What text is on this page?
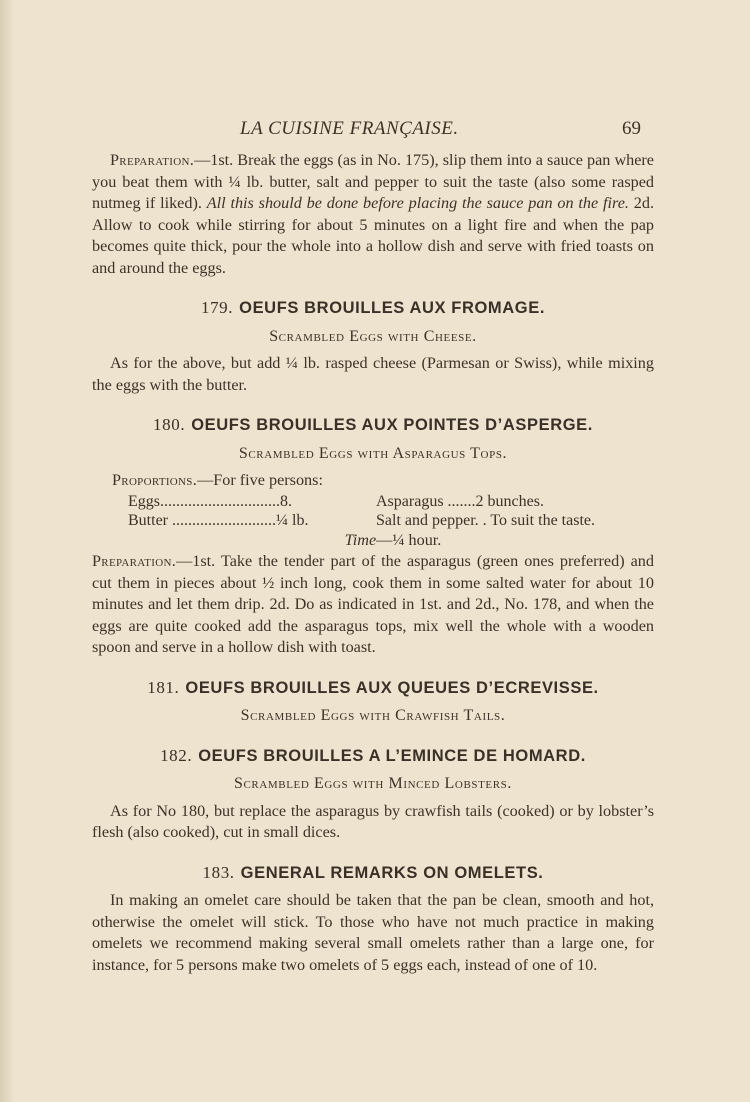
LA CUISINE FRANÇAISE.	69

Preparation.—1st. Break the eggs (as in No. 175), slip them into a sauce pan where you beat them with ¼ lb. butter, salt and pepper to suit the taste (also some rasped nutmeg if liked). All this should be done before placing the sauce pan on the fire. 2d. Allow to cook while stirring for about 5 minutes on a light fire and when the pap becomes quite thick, pour the whole into a hollow dish and serve with fried toasts on and around the eggs.

179. OEUFS BROUILLES AUX FROMAGE.
Scrambled Eggs with Cheese.

As for the above, but add ¼ lb. rasped cheese (Parmesan or Swiss), while mixing the eggs with the butter.

180. OEUFS BROUILLES AUX POINTES D’ASPERGE.
Scrambled Eggs with Asparagus Tops.

Proportions.—For five persons:

Eggs..............................8.	Asparagus .......2 bunches.
Butter ..........................¼ lb.	Salt and pepper. . To suit the taste.

Time—¼ hour.

Preparation.—1st. Take the tender part of the asparagus (green ones preferred) and cut them in pieces about ½ inch long, cook them in some salted water for about 10 minutes and let them drip. 2d. Do as indicated in 1st. and 2d., No. 178, and when the eggs are quite cooked add the asparagus tops, mix well the whole with a wooden spoon and serve in a hollow dish with toast.

181. OEUFS BROUILLES AUX QUEUES D’ECREVISSE.
Scrambled Eggs with Crawfish Tails.
182. OEUFS BROUILLES A L’EMINCE DE HOMARD.
Scrambled Eggs with Minced Lobsters.

As for No 180, but replace the asparagus by crawfish tails (cooked) or by lobster’s flesh (also cooked), cut in small dices.

183. GENERAL REMARKS ON OMELETS.

In making an omelet care should be taken that the pan be clean, smooth and hot, otherwise the omelet will stick. To those who have not much practice in making omelets we recommend making several small omelets rather than a large one, for instance, for 5 persons make two omelets of 5 eggs each, instead of one of 10.
